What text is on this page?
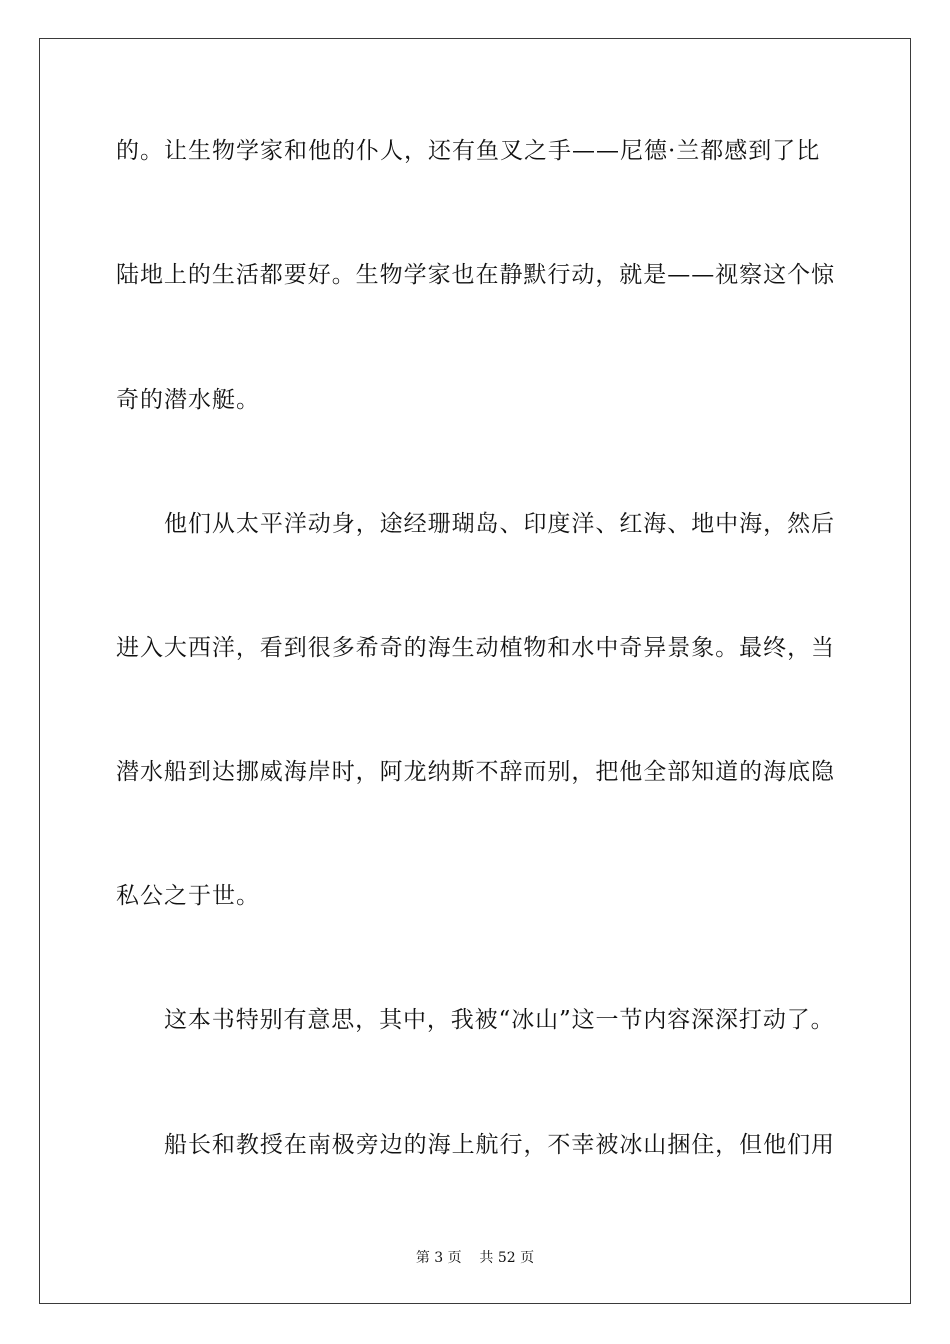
的。让生物学家和他的仆人，还有鱼叉之手——尼德·兰都感到了比
陆地上的生活都要好。生物学家也在静默行动，就是——视察这个惊
奇的潜水艇。
他们从太平洋动身，途经珊瑚岛、印度洋、红海、地中海，然后
进入大西洋，看到很多希奇的海生动植物和水中奇异景象。最终，当
潜水船到达挪威海岸时，阿龙纳斯不辞而别，把他全部知道的海底隐
私公之于世。
这本书特别有意思，其中，我被“冰山”这一节内容深深打动了。
船长和教授在南极旁边的海上航行，不幸被冰山捆住，但他们用
第 3 页    共 52 页
